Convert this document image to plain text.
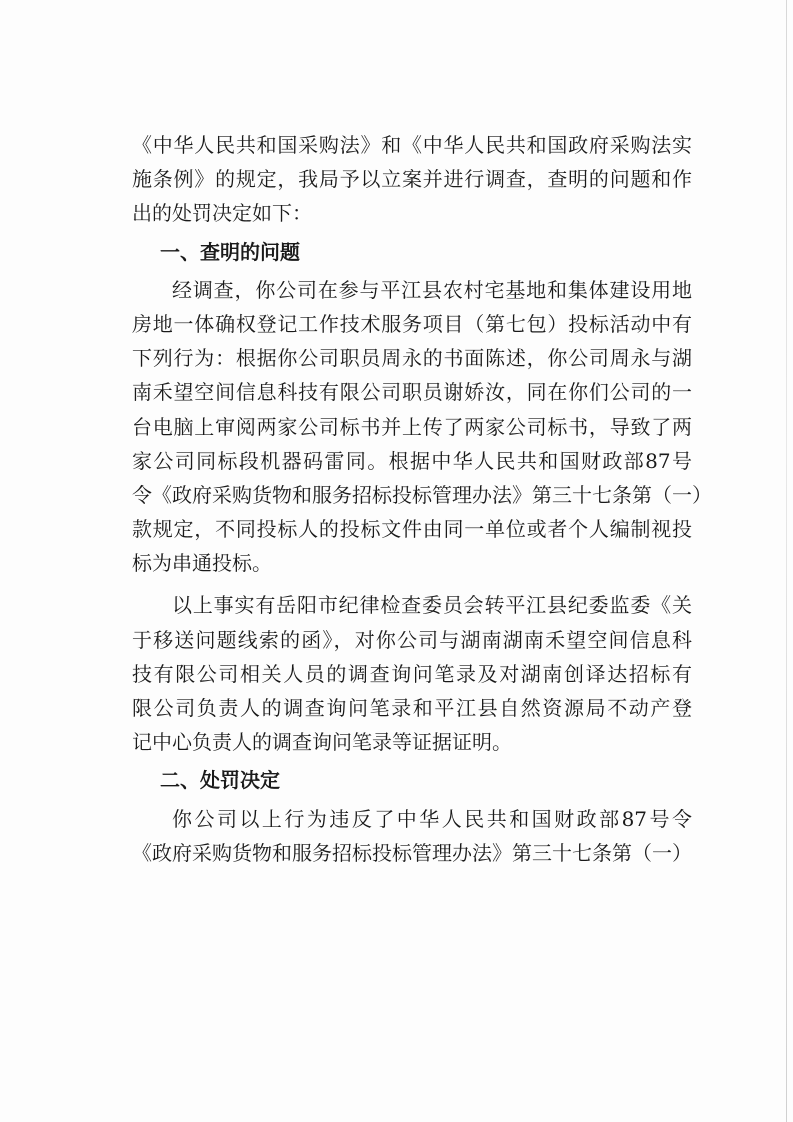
《中华人民共和国采购法》和《中华人民共和国政府采购法实
施条例》的规定，我局予以立案并进行调查，查明的问题和作
出的处罚决定如下：
一、查明的问题
经调查，你公司在参与平江县农村宅基地和集体建设用地
房地一体确权登记工作技术服务项目（第七包）投标活动中有
下列行为：根据你公司职员周永的书面陈述，你公司周永与湖
南禾望空间信息科技有限公司职员谢娇汝，同在你们公司的一
台电脑上审阅两家公司标书并上传了两家公司标书，导致了两
家公司同标段机器码雷同。根据中华人民共和国财政部87号
令《政府采购货物和服务招标投标管理办法》第三十七条第（一）
款规定，不同投标人的投标文件由同一单位或者个人编制视投
标为串通投标。
以上事实有岳阳市纪律检查委员会转平江县纪委监委《关
于移送问题线索的函》，对你公司与湖南湖南禾望空间信息科
技有限公司相关人员的调查询问笔录及对湖南创译达招标有
限公司负责人的调查询问笔录和平江县自然资源局不动产登
记中心负责人的调查询问笔录等证据证明。
二、处罚决定
你公司以上行为违反了中华人民共和国财政部87号令
《政府采购货物和服务招标投标管理办法》第三十七条第（一）
